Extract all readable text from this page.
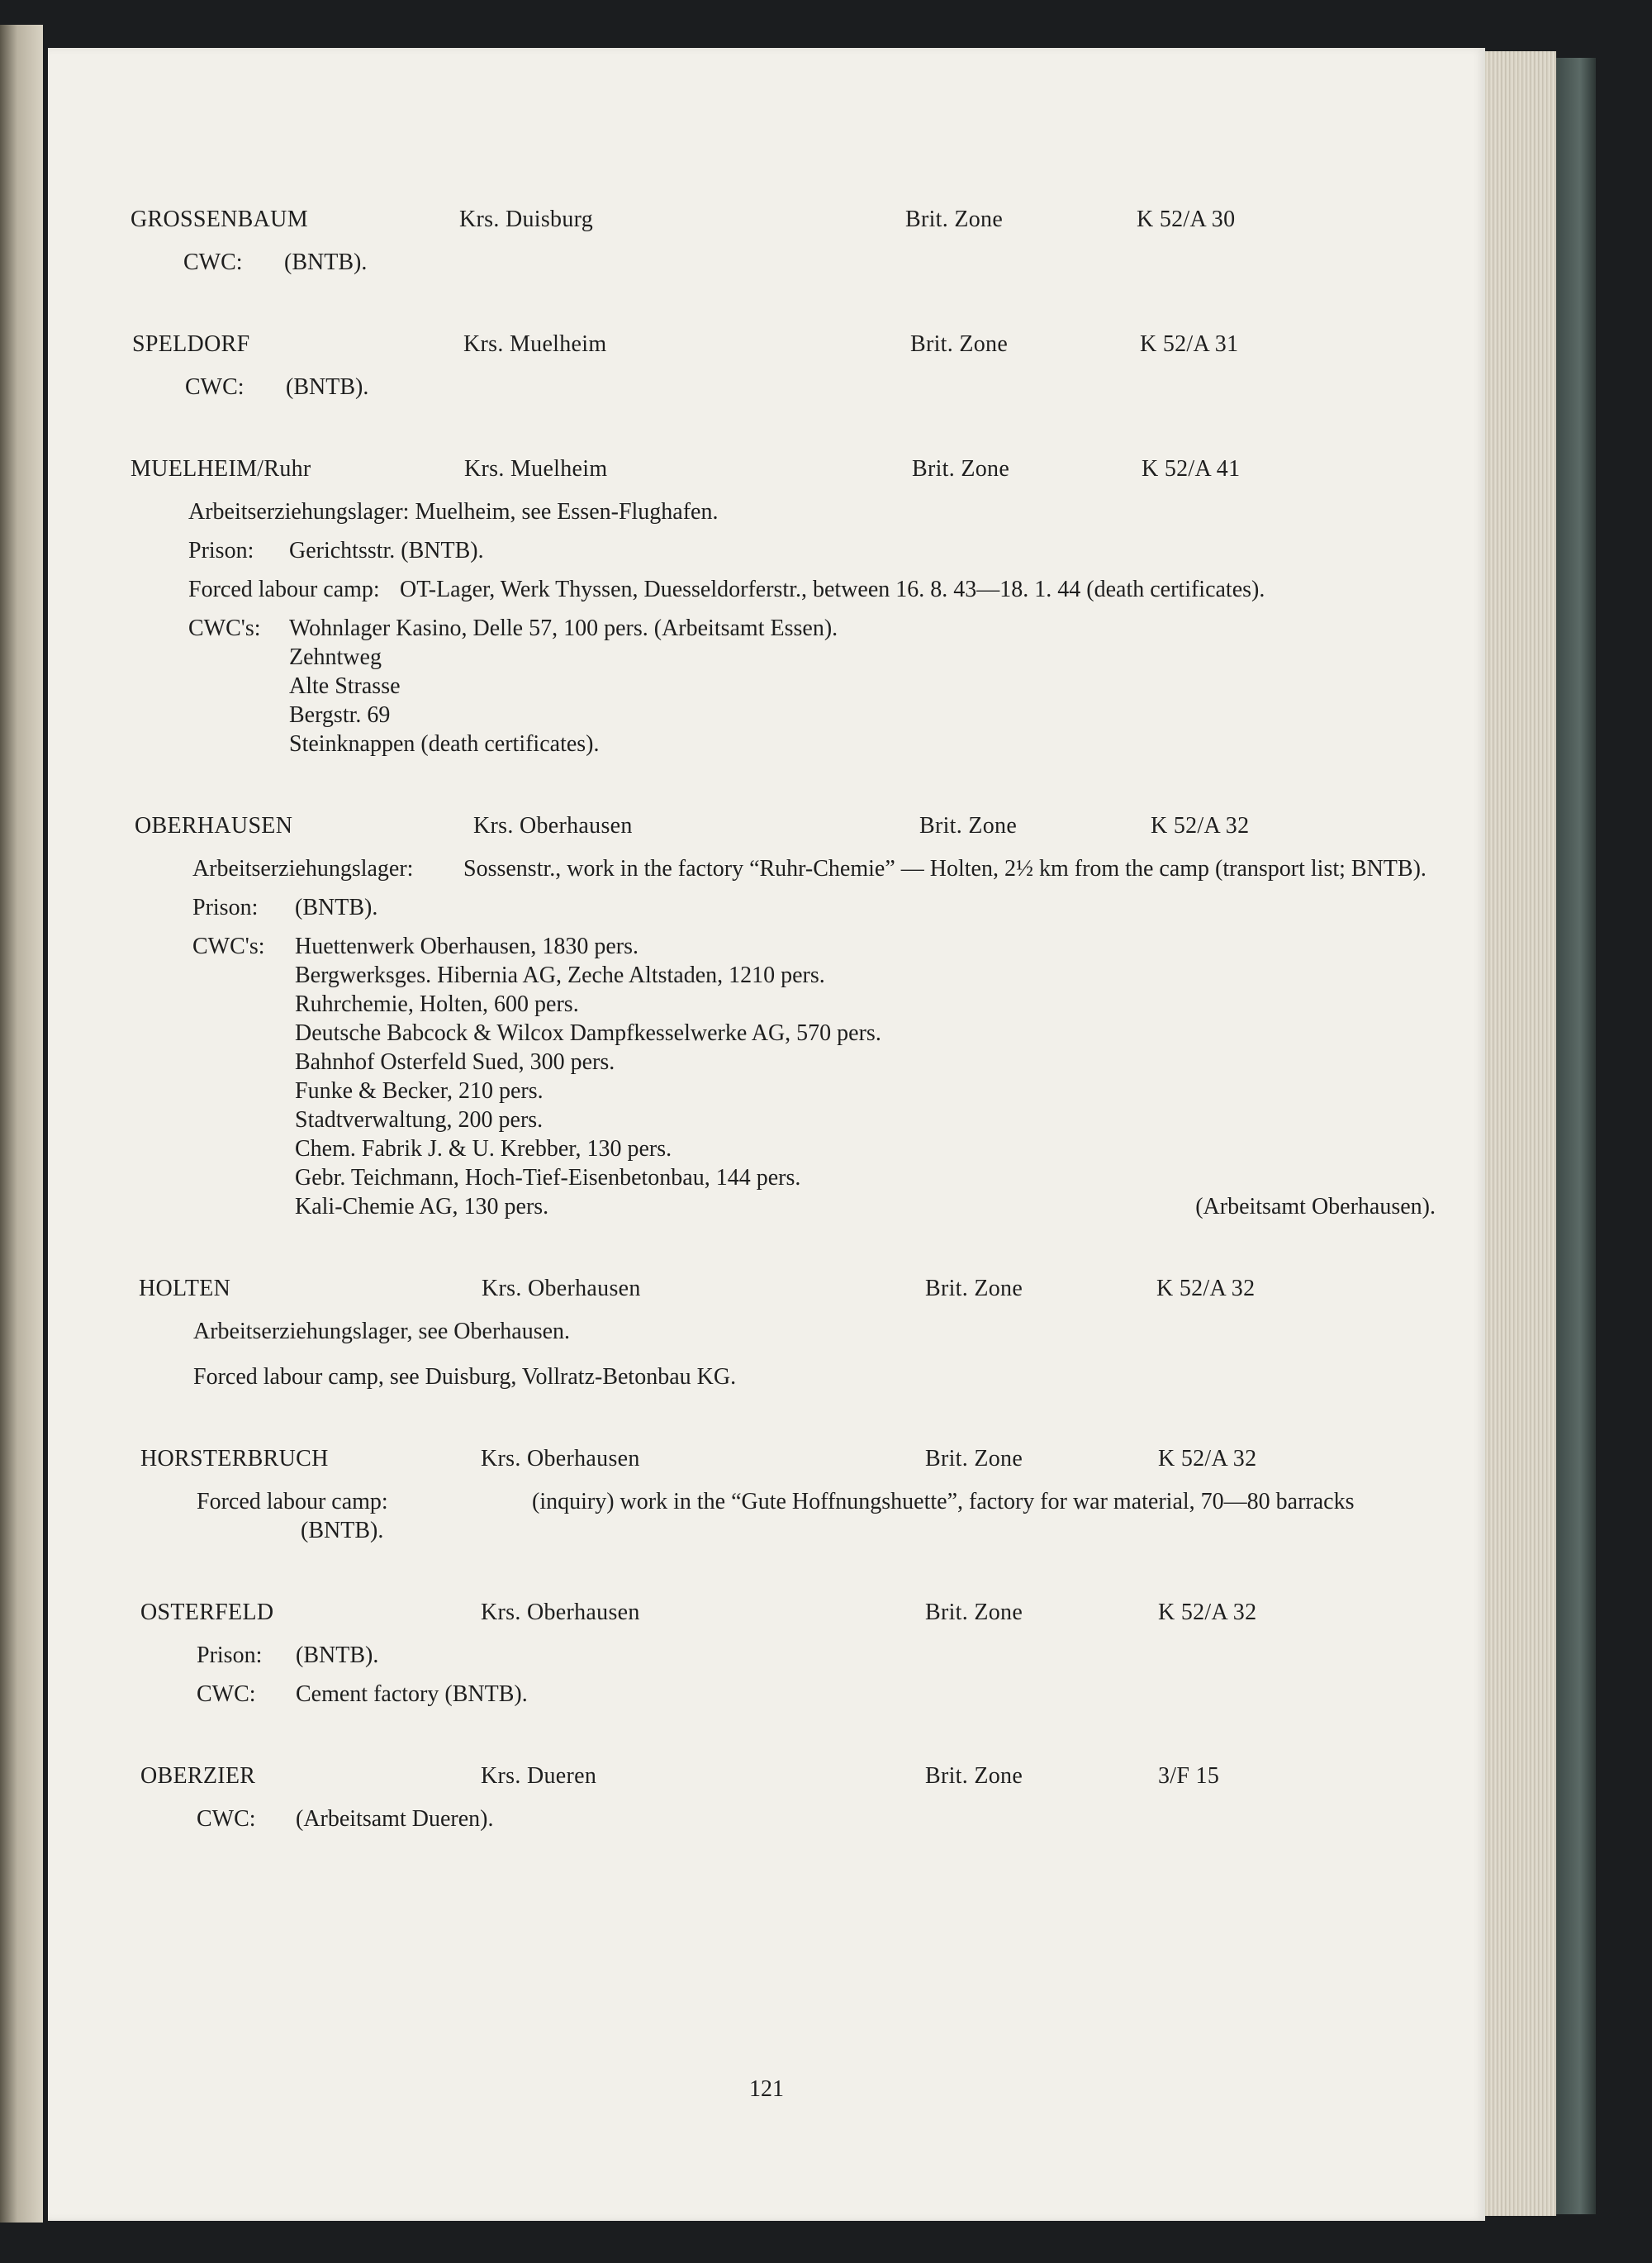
GROSSENBAUM	Krs. Duisburg	Brit. Zone	K 52/A 30
CWC:	(BNTB).
SPELDORF	Krs. Muelheim	Brit. Zone	K 52/A 31
CWC:	(BNTB).
MUELHEIM/Ruhr	Krs. Muelheim	Brit. Zone	K 52/A 41
Arbeitserziehungslager: Muelheim, see Essen-Flughafen.
Prison:	Gerichtsstr. (BNTB).
Forced labour camp: OT-Lager, Werk Thyssen, Duesseldorferstr., between 16. 8. 43—18. 1. 44 (death certificates).
CWC's:	Wohnlager Kasino, Delle 57, 100 pers. (Arbeitsamt Essen).
Zehntweg
Alte Strasse
Bergstr. 69
Steinknappen (death certificates).
OBERHAUSEN	Krs. Oberhausen	Brit. Zone	K 52/A 32
Arbeitserziehungslager:	Sossenstr., work in the factory “Ruhr-Chemie” — Holten, 2½ km from the camp (transport list; BNTB).
Prison:	(BNTB).
CWC's:	Huettenwerk Oberhausen, 1830 pers.
Bergwerksges. Hibernia AG, Zeche Altstaden, 1210 pers.
Ruhrchemie, Holten, 600 pers.
Deutsche Babcock & Wilcox Dampfkesselwerke AG, 570 pers.
Bahnhof Osterfeld Sued, 300 pers.
Funke & Becker, 210 pers.
Stadtverwaltung, 200 pers.
Chem. Fabrik J. & U. Krebber, 130 pers.
Gebr. Teichmann, Hoch-Tief-Eisenbetonbau, 144 pers.
Kali-Chemie AG, 130 pers.	(Arbeitsamt Oberhausen).
HOLTEN	Krs. Oberhausen	Brit. Zone	K 52/A 32
Arbeitserziehungslager, see Oberhausen.
Forced labour camp, see Duisburg, Vollratz-Betonbau KG.
HORSTERBRUCH	Krs. Oberhausen	Brit. Zone	K 52/A 32
Forced labour camp:	(inquiry) work in the “Gute Hoffnungshuette”, factory for war material, 70—80 barracks (BNTB).
OSTERFELD	Krs. Oberhausen	Brit. Zone	K 52/A 32
Prison:	(BNTB).
CWC:	Cement factory (BNTB).
OBERZIER	Krs. Dueren	Brit. Zone	3/F 15
CWC:	(Arbeitsamt Dueren).
121
